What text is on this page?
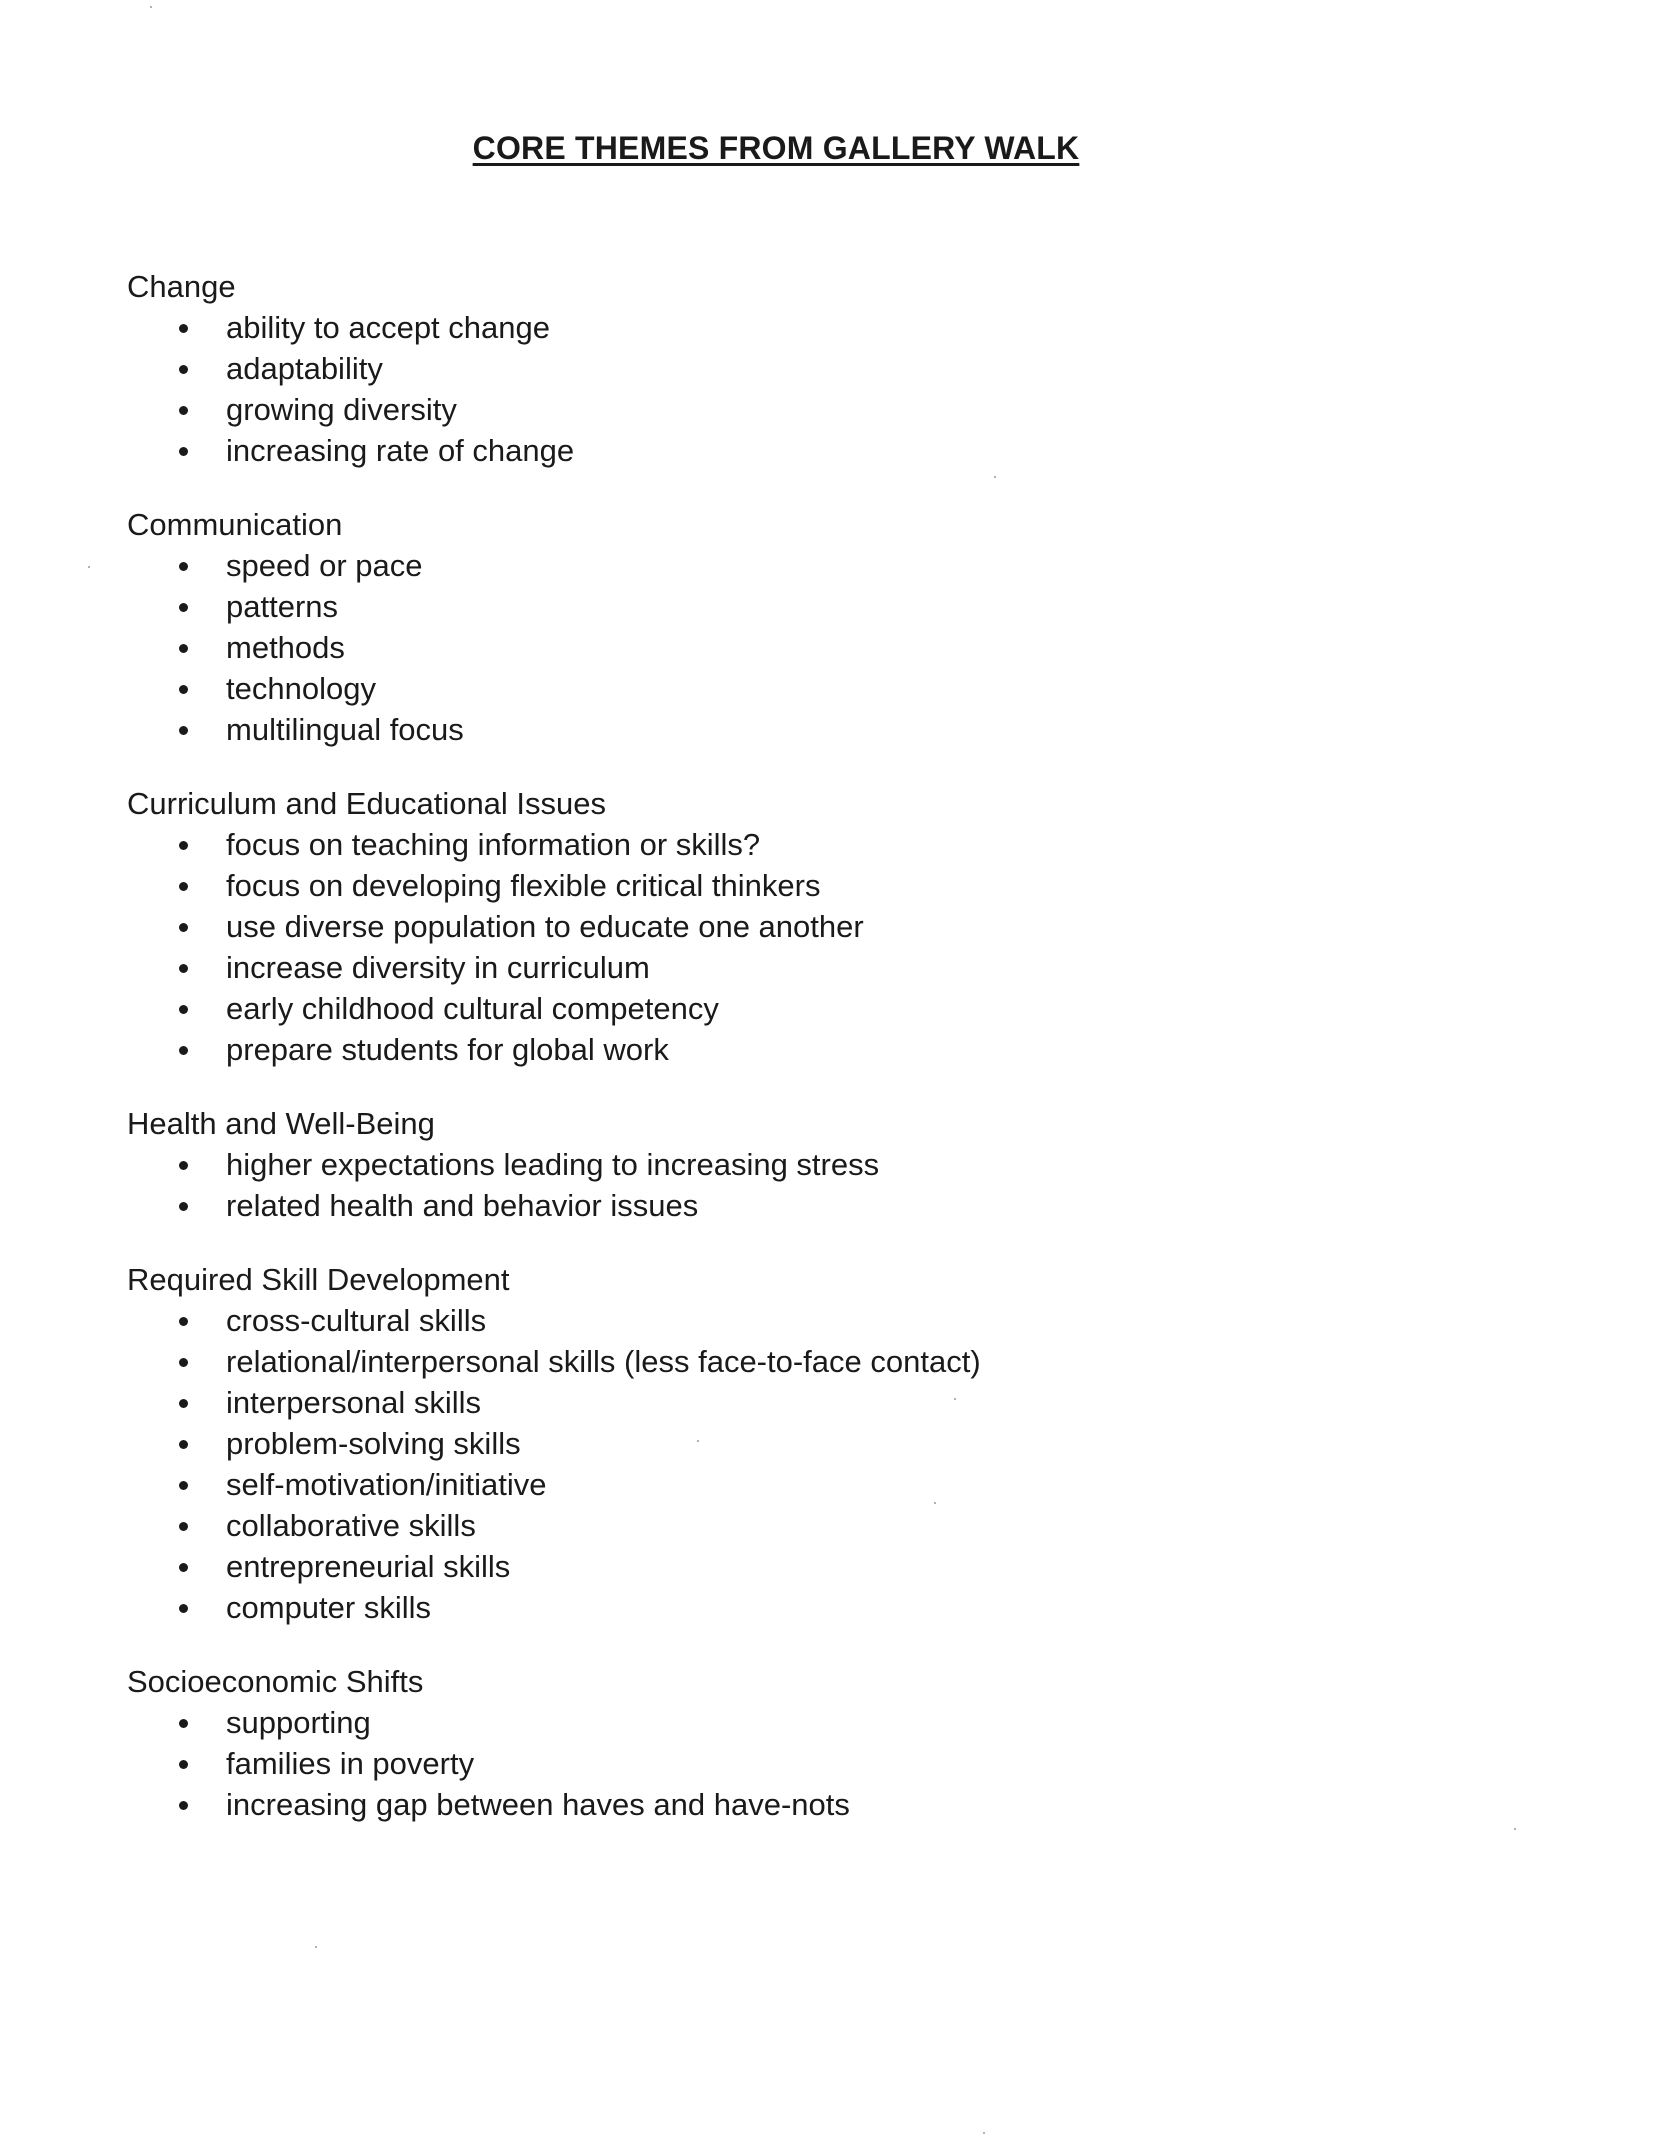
CORE THEMES FROM GALLERY WALK
Change
ability to accept change
adaptability
growing diversity
increasing rate of change
Communication
speed or pace
patterns
methods
technology
multilingual focus
Curriculum and Educational Issues
focus on teaching information or skills?
focus on developing flexible critical thinkers
use diverse population to educate one another
increase diversity in curriculum
early childhood cultural competency
prepare students for global work
Health and Well-Being
higher expectations leading to increasing stress
related health and behavior issues
Required Skill Development
cross-cultural skills
relational/interpersonal skills (less face-to-face contact)
interpersonal skills
problem-solving skills
self-motivation/initiative
collaborative skills
entrepreneurial skills
computer skills
Socioeconomic Shifts
supporting
families in poverty
increasing gap between haves and have-nots
